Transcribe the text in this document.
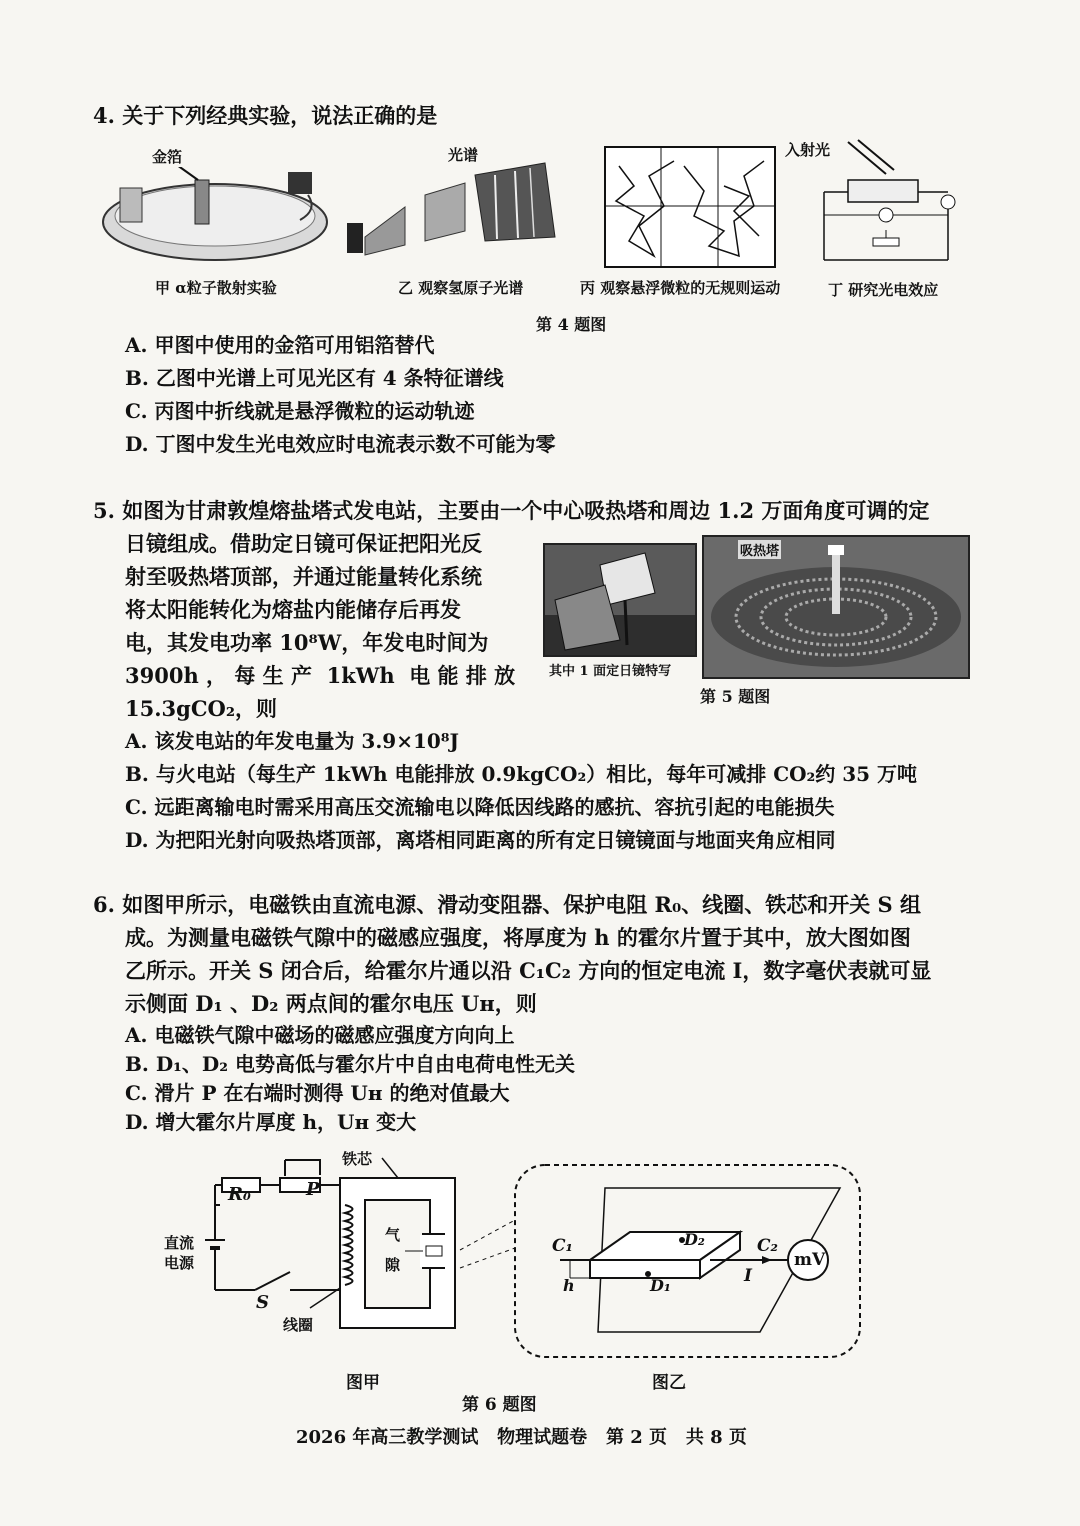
4. 关于下列经典实验，说法正确的是
金箔	光谱	入射光
甲 α粒子散射实验	乙 观察氢原子光谱	丙 观察悬浮微粒的无规则运动	丁 研究光电效应
第 4 题图
A. 甲图中使用的金箔可用铝箔替代
B. 乙图中光谱上可见光区有 4 条特征谱线
C. 丙图中折线就是悬浮微粒的运动轨迹
D. 丁图中发生光电效应时电流表示数不可能为零
5. 如图为甘肃敦煌熔盐塔式发电站，主要由一个中心吸热塔和周边 1.2 万面角度可调的定
日镜组成。借助定日镜可保证把阳光反
射至吸热塔顶部，并通过能量转化系统
将太阳能转化为熔盐内能储存后再发
电，其发电功率 10⁸W，年发电时间为
3900h ， 每 生 产  1kWh  电 能 排 放
15.3gCO₂，则
其中 1 面定日镜特写
吸热塔
第 5 题图
A. 该发电站的年发电量为 3.9×10⁸J
B. 与火电站（每生产 1kWh 电能排放 0.9kgCO₂）相比，每年可减排 CO₂约 35 万吨
C. 远距离输电时需采用高压交流输电以降低因线路的感抗、容抗引起的电能损失
D. 为把阳光射向吸热塔顶部，离塔相同距离的所有定日镜镜面与地面夹角应相同
6. 如图甲所示，电磁铁由直流电源、滑动变阻器、保护电阻 R₀、线圈、铁芯和开关 S 组
成。为测量电磁铁气隙中的磁感应强度，将厚度为 h 的霍尔片置于其中，放大图如图
乙所示。开关 S 闭合后，给霍尔片通以沿 C₁C₂ 方向的恒定电流 I，数字毫伏表就可显
示侧面 D₁ 、D₂ 两点间的霍尔电压 Uʜ，则
A. 电磁铁气隙中磁场的磁感应强度方向向上
B. D₁、D₂ 电势高低与霍尔片中自由电荷电性无关
C. 滑片 P 在右端时测得 Uʜ 的绝对值最大
D. 增大霍尔片厚度 h，Uʜ 变大
R₀	P
铁芯
直流
电源
气
隙
S
线圈
图甲
C₁	C₂
D₂
D₁
h	I
mV
图乙
第 6 题图
2026 年高三教学测试   物理试题卷   第 2 页   共 8 页
